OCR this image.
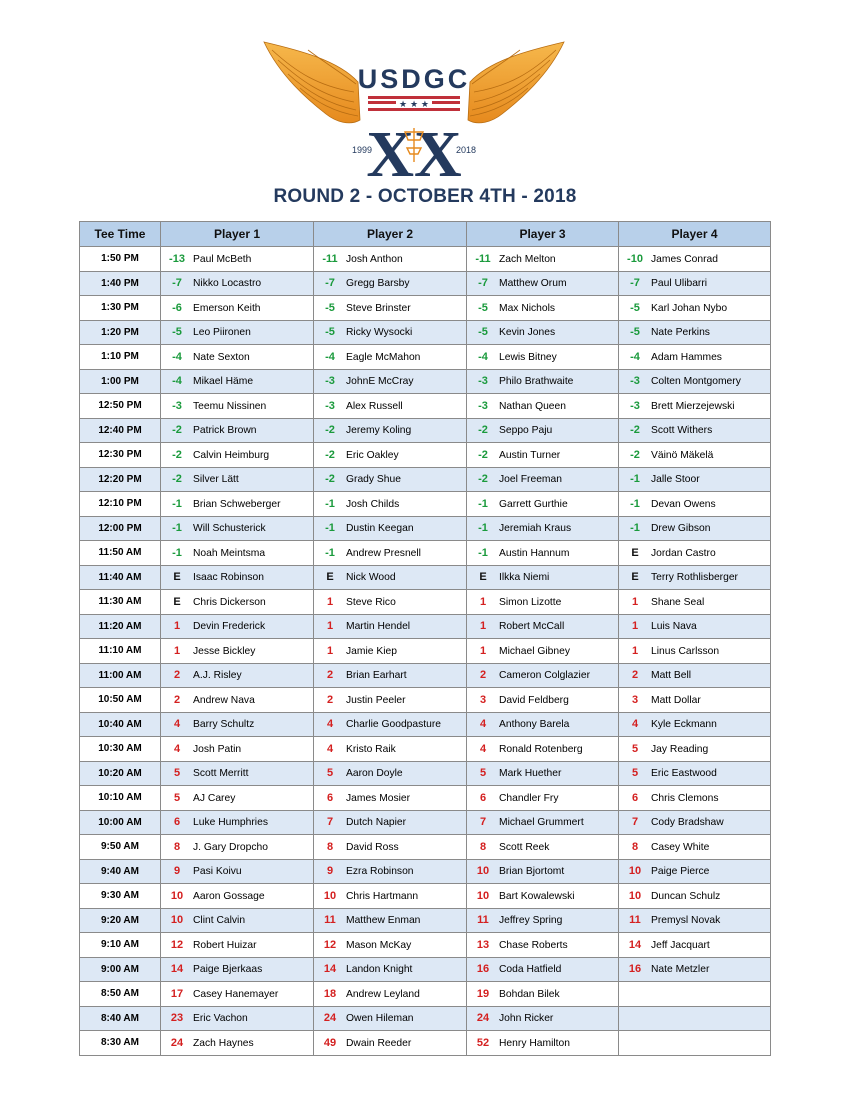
USDGC
★ ★ ★
XX
1999	2018
ROUND 2 - OCTOBER 4TH - 2018
Tee Time	Player 1	Player 2	Player 3	Player 4
1:50 PM	-13 Paul McBeth	-11 Josh Anthon	-11 Zach Melton	-10 James Conrad
1:40 PM	-7 Nikko Locastro	-7 Gregg Barsby	-7 Matthew Orum	-7 Paul Ulibarri
1:30 PM	-6 Emerson Keith	-5 Steve Brinster	-5 Max Nichols	-5 Karl Johan Nybo
1:20 PM	-5 Leo Piironen	-5 Ricky Wysocki	-5 Kevin Jones	-5 Nate Perkins
1:10 PM	-4 Nate Sexton	-4 Eagle McMahon	-4 Lewis Bitney	-4 Adam Hammes
1:00 PM	-4 Mikael Häme	-3 JohnE McCray	-3 Philo Brathwaite	-3 Colten Montgomery
12:50 PM	-3 Teemu Nissinen	-3 Alex Russell	-3 Nathan Queen	-3 Brett Mierzejewski
12:40 PM	-2 Patrick Brown	-2 Jeremy Koling	-2 Seppo Paju	-2 Scott Withers
12:30 PM	-2 Calvin Heimburg	-2 Eric Oakley	-2 Austin Turner	-2 Väinö Mäkelä
12:20 PM	-2 Silver Lätt	-2 Grady Shue	-2 Joel Freeman	-1 Jalle Stoor
12:10 PM	-1 Brian Schweberger	-1 Josh Childs	-1 Garrett Gurthie	-1 Devan Owens
12:00 PM	-1 Will Schusterick	-1 Dustin Keegan	-1 Jeremiah Kraus	-1 Drew Gibson
11:50 AM	-1 Noah Meintsma	-1 Andrew Presnell	-1 Austin Hannum	E Jordan Castro
11:40 AM	E Isaac Robinson	E Nick Wood	E Ilkka Niemi	E Terry Rothlisberger
11:30 AM	E Chris Dickerson	1 Steve Rico	1 Simon Lizotte	1 Shane Seal
11:20 AM	1 Devin Frederick	1 Martin Hendel	1 Robert McCall	1 Luis Nava
11:10 AM	1 Jesse Bickley	1 Jamie Kiep	1 Michael Gibney	1 Linus Carlsson
11:00 AM	2 A.J. Risley	2 Brian Earhart	2 Cameron Colglazier	2 Matt Bell
10:50 AM	2 Andrew Nava	2 Justin Peeler	3 David Feldberg	3 Matt Dollar
10:40 AM	4 Barry Schultz	4 Charlie Goodpasture	4 Anthony Barela	4 Kyle Eckmann
10:30 AM	4 Josh Patin	4 Kristo Raik	4 Ronald Rotenberg	5 Jay Reading
10:20 AM	5 Scott Merritt	5 Aaron Doyle	5 Mark Huether	5 Eric Eastwood
10:10 AM	5 AJ Carey	6 James Mosier	6 Chandler Fry	6 Chris Clemons
10:00 AM	6 Luke Humphries	7 Dutch Napier	7 Michael Grummert	7 Cody Bradshaw
9:50 AM	8 J. Gary Dropcho	8 David Ross	8 Scott Reek	8 Casey White
9:40 AM	9 Pasi Koivu	9 Ezra Robinson	10 Brian Bjortomt	10 Paige Pierce
9:30 AM	10 Aaron Gossage	10 Chris Hartmann	10 Bart Kowalewski	10 Duncan Schulz
9:20 AM	10 Clint Calvin	11 Matthew Enman	11 Jeffrey Spring	11 Premysl Novak
9:10 AM	12 Robert Huizar	12 Mason McKay	13 Chase Roberts	14 Jeff Jacquart
9:00 AM	14 Paige Bjerkaas	14 Landon Knight	16 Coda Hatfield	16 Nate Metzler
8:50 AM	17 Casey Hanemayer	18 Andrew Leyland	19 Bohdan Bilek	
8:40 AM	23 Eric Vachon	24 Owen Hileman	24 John Ricker	
8:30 AM	24 Zach Haynes	49 Dwain Reeder	52 Henry Hamilton	
